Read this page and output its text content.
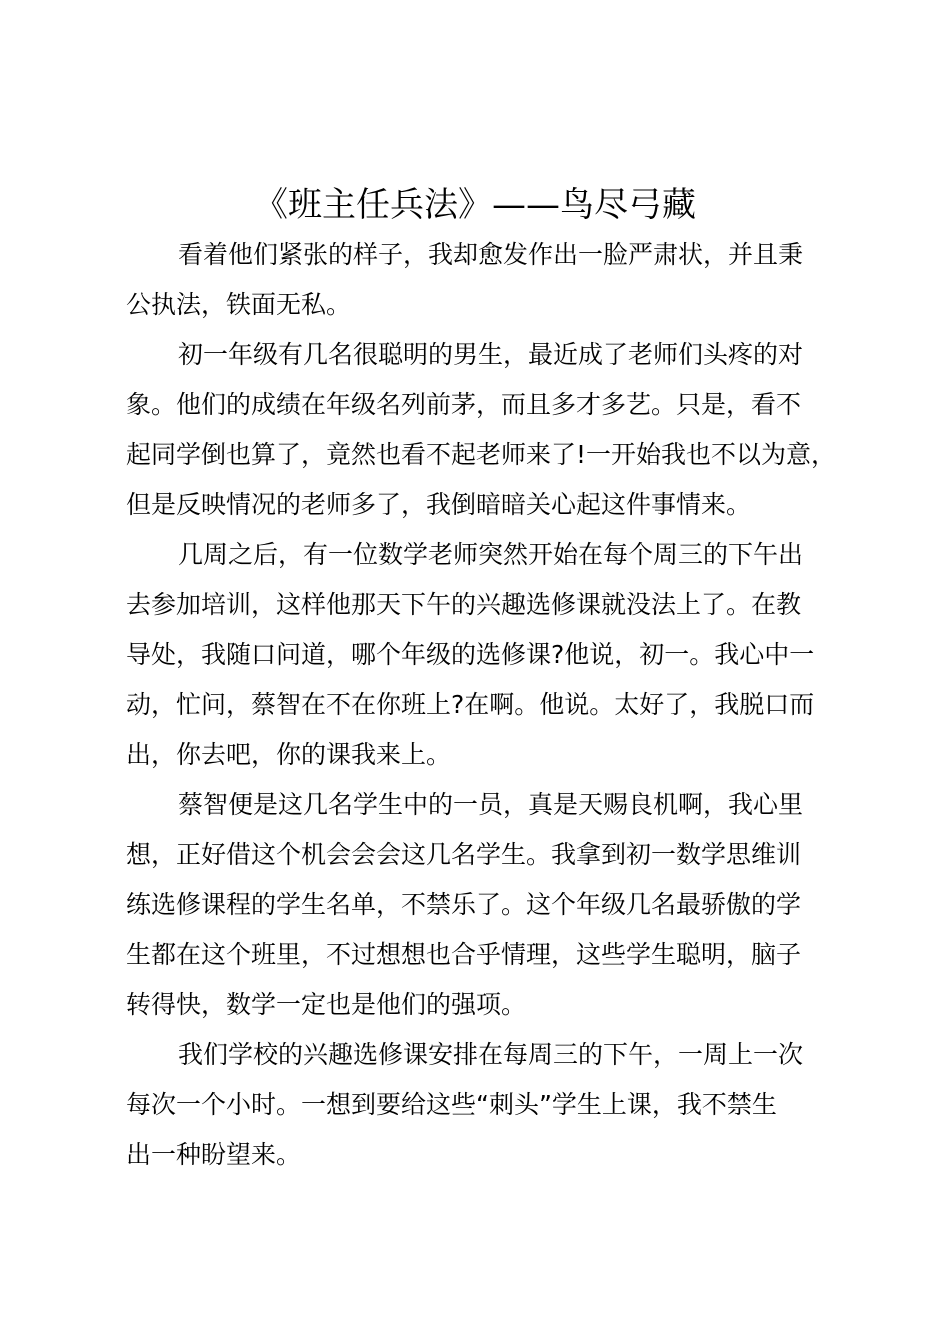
《班主任兵法》——鸟尽弓藏
看着他们紧张的样子，我却愈发作出一脸严肃状，并且秉
公执法，铁面无私。
初一年级有几名很聪明的男生，最近成了老师们头疼的对
象。他们的成绩在年级名列前茅，而且多才多艺。只是，看不
起同学倒也算了，竟然也看不起老师来了!一开始我也不以为意，
但是反映情况的老师多了，我倒暗暗关心起这件事情来。
几周之后，有一位数学老师突然开始在每个周三的下午出
去参加培训，这样他那天下午的兴趣选修课就没法上了。在教
导处，我随口问道，哪个年级的选修课?他说，初一。我心中一
动，忙问，蔡智在不在你班上?在啊。他说。太好了，我脱口而
出，你去吧，你的课我来上。
蔡智便是这几名学生中的一员，真是天赐良机啊，我心里
想，正好借这个机会会会这几名学生。我拿到初一数学思维训
练选修课程的学生名单，不禁乐了。这个年级几名最骄傲的学
生都在这个班里，不过想想也合乎情理，这些学生聪明，脑子
转得快，数学一定也是他们的强项。
我们学校的兴趣选修课安排在每周三的下午，一周上一次
每次一个小时。一想到要给这些“刺头”学生上课，我不禁生
出一种盼望来。
